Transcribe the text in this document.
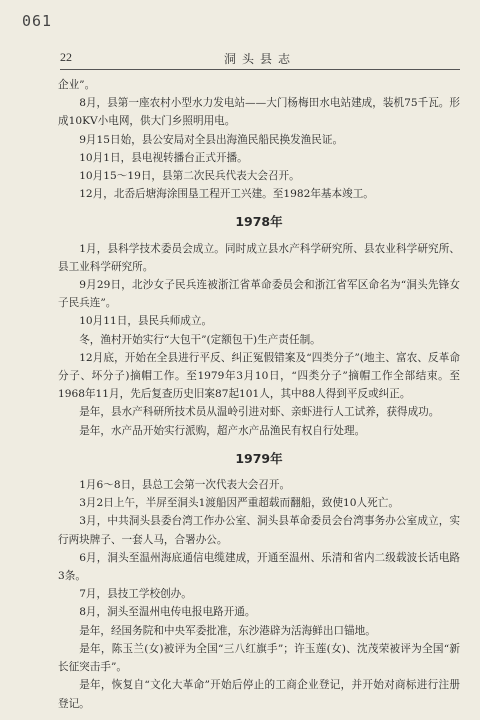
061
22	洞头县志

企业”。

8月，县第一座农村小型水力发电站——大门杨梅田水电站建成，装机75千瓦。形成10KV小电网，供大门乡照明用电。

9月15日始，县公安局对全县出海渔民船民换发渔民证。

10月1日，县电视转播台正式开播。

10月15～19日，县第二次民兵代表大会召开。

12月，北岙后塘海涂围垦工程开工兴建。至1982年基本竣工。

1978年

1月，县科学技术委员会成立。同时成立县水产科学研究所、县农业科学研究所、县工业科学研究所。

9月29日，北沙女子民兵连被浙江省革命委员会和浙江省军区命名为“洞头先锋女子民兵连”。

10月11日，县民兵师成立。

冬，渔村开始实行“大包干”(定额包干)生产责任制。

12月底，开始在全县进行平反、纠正冤假错案及“四类分子”(地主、富农、反革命分子、坏分子)摘帽工作。至1979年3月10日，“四类分子”摘帽工作全部结束。至1968年11月，先后复查历史旧案87起101人，其中88人得到平反或纠正。

是年，县水产科研所技术员从温岭引进对虾、亲虾进行人工试养，获得成功。

是年，水产品开始实行派购，超产水产品渔民有权自行处理。

1979年

1月6～8日，县总工会第一次代表大会召开。

3月2日上午，半屏至洞头1渡船因严重超载而翻船，致使10人死亡。

3月，中共洞头县委台湾工作办公室、洞头县革命委员会台湾事务办公室成立，实行两块牌子、一套人马，合署办公。

6月，洞头至温州海底通信电缆建成，开通至温州、乐清和省内二级载波长话电路3条。

7月，县技工学校创办。

8月，洞头至温州电传电报电路开通。

是年，经国务院和中央军委批准，东沙港辟为活海鲜出口锚地。

是年，陈玉兰(女)被评为全国“三八红旗手”；许玉莲(女)、沈茂荣被评为全国“新长征突击手”。

是年，恢复自“文化大革命”开始后停止的工商企业登记，并开始对商标进行注册登记。
